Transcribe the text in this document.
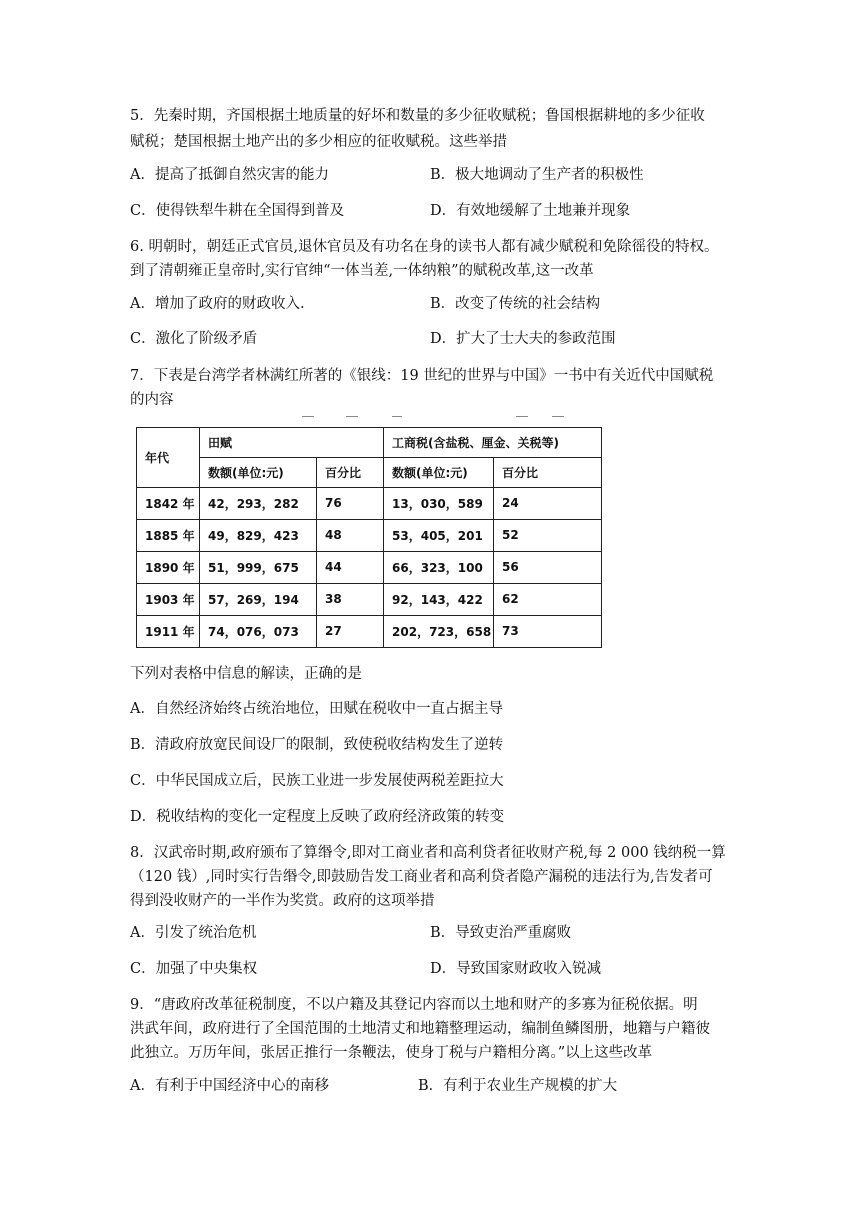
5．先秦时期，齐国根据土地质量的好坏和数量的多少征收赋税；鲁国根据耕地的多少征收

赋税；楚国根据土地产出的多少相应的征收赋税。这些举措

A．提高了抵御自然灾害的能力	B．极大地调动了生产者的积极性
C．使得铁犁牛耕在全国得到普及	D．有效地缓解了土地兼并现象

6. 明朝时，朝廷正式官员,退休官员及有功名在身的读书人都有减少赋税和免除徭役的特权。

到了清朝雍正皇帝时,实行官绅“一体当差,一体纳粮”的赋税改革,这一改革

A．增加了政府的财政收入.	B．改变了传统的社会结构
C．激化了阶级矛盾	D．扩大了士大夫的参政范围

7．下表是台湾学者林满红所著的《银线：19 世纪的世界与中国》一书中有关近代中国赋税

的内容

年代	田赋		工商税(含盐税、厘金、关税等)	
	数额(单位:元)	百分比	数额(单位:元)	百分比
1842 年	42，293，282	76	13，030，589	24
1885 年	49，829，423	48	53，405，201	52
1890 年	51，999，675	44	66，323，100	56
1903 年	57，269，194	38	92，143，422	62
1911 年	74，076，073	27	202，723，658	73

下列对表格中信息的解读，正确的是

A．自然经济始终占统治地位，田赋在税收中一直占据主导
B．清政府放宽民间设厂的限制，致使税收结构发生了逆转
C．中华民国成立后，民族工业进一步发展使两税差距拉大
D．税收结构的变化一定程度上反映了政府经济政策的转变

8．汉武帝时期,政府颁布了算缗令,即对工商业者和高利贷者征收财产税,每 2 000 钱纳税一算

（120 钱）,同时实行告缗令,即鼓励告发工商业者和高利贷者隐产漏税的违法行为,告发者可

得到没收财产的一半作为奖赏。政府的这项举措

A．引发了统治危机	B．导致吏治严重腐败
C．加强了中央集权	D．导致国家财政收入锐减

9．“唐政府改革征税制度，不以户籍及其登记内容而以土地和财产的多寡为征税依据。明

洪武年间，政府进行了全国范围的土地清丈和地籍整理运动，编制鱼鳞图册，地籍与户籍彼

此独立。万历年间，张居正推行一条鞭法，使身丁税与户籍相分离。”以上这些改革

A．有利于中国经济中心的南移	B．有利于农业生产规模的扩大
